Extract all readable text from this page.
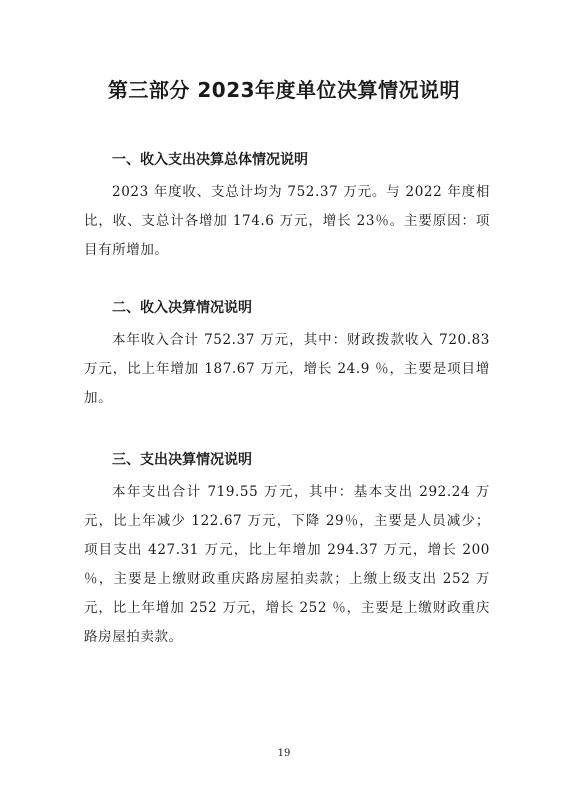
第三部分 2023年度单位决算情况说明
一、收入支出决算总体情况说明

2023 年度收、支总计均为 752.37 万元。与 2022 年度相比，收、支总计各增加 174.6 万元，增长 23％。主要原因：项目有所增加。

二、收入决算情况说明

本年收入合计 752.37 万元，其中：财政拨款收入 720.83 万元，比上年增加 187.67 万元，增长 24.9 ％，主要是项目增加。

三、支出决算情况说明

本年支出合计 719.55 万元，其中：基本支出 292.24 万元，比上年减少 122.67 万元，下降 29％，主要是人员减少；项目支出 427.31 万元，比上年增加 294.37 万元，增长 200 ％，主要是上缴财政重庆路房屋拍卖款；上缴上级支出 252 万元，比上年增加 252 万元，增长 252 ％，主要是上缴财政重庆路房屋拍卖款。

19
